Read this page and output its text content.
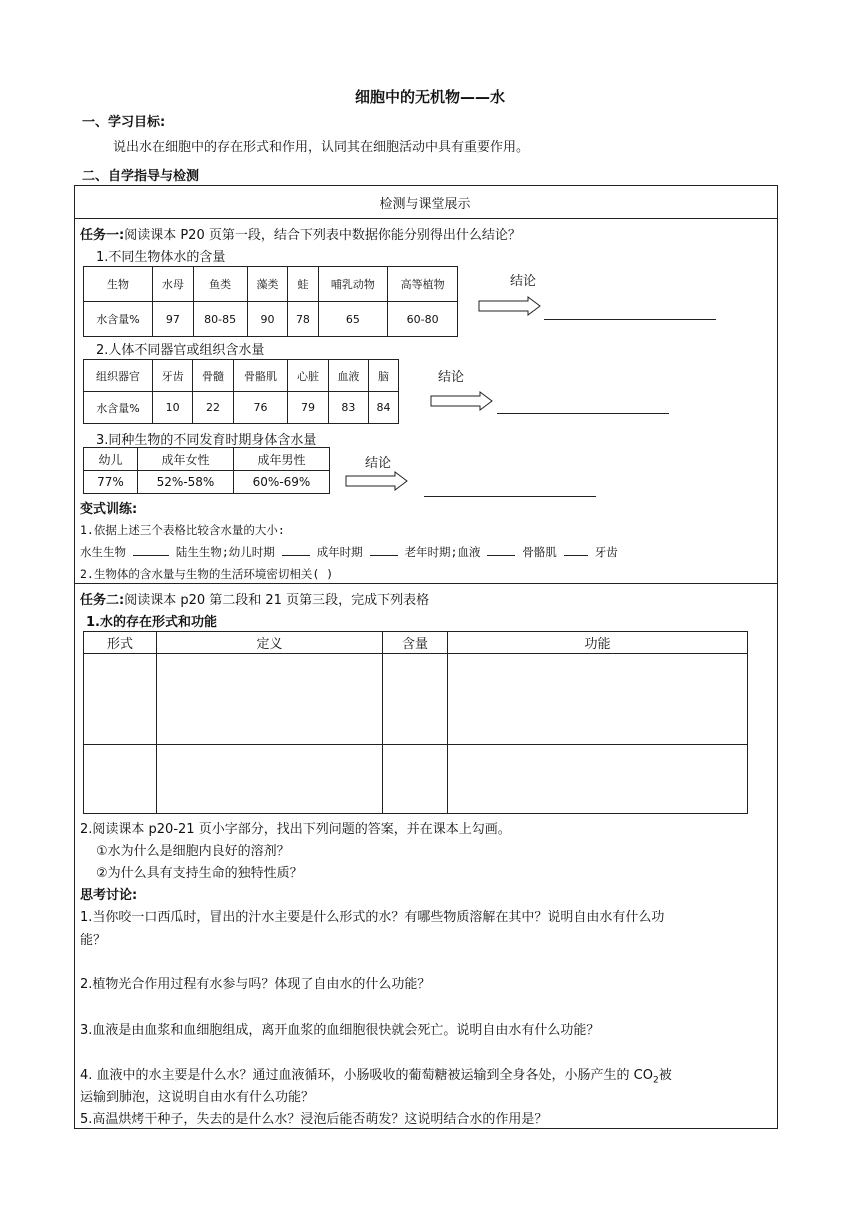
细胞中的无机物——水
一、学习目标:
说出水在细胞中的存在形式和作用，认同其在细胞活动中具有重要作用。
二、自学指导与检测
检测与课堂展示
任务一:阅读课本 P20 页第一段，结合下列表中数据你能分别得出什么结论？
1.不同生物体水的含量
生物	水母	鱼类	藻类	蛙	哺乳动物	高等植物
水含量%	97	80-85	90	78	65	60-80
结论
2.人体不同器官或组织含水量
组织器官	牙齿	骨髓	骨骼肌	心脏	血液	脑
水含量%	10	22	76	79	83	84
结论
3.同种生物的不同发育时期身体含水量
幼儿	成年女性	成年男性
77%	52%-58%	60%-69%
结论
变式训练:
1.依据上述三个表格比较含水量的大小:
水生生物	陆生生物;幼儿时期	成年时期	老年时期;血液	骨骼肌	牙齿
2.生物体的含水量与生物的生活环境密切相关( )
任务二:阅读课本 p20 第二段和 21 页第三段，完成下列表格
1.水的存在形式和功能
形式	定义	含量	功能

2.阅读课本 p20-21 页小字部分，找出下列问题的答案，并在课本上勾画。
①水为什么是细胞内良好的溶剂？
②为什么具有支持生命的独特性质？
思考讨论:
1.当你咬一口西瓜时，冒出的汁水主要是什么形式的水？有哪些物质溶解在其中？说明自由水有什么功
能？
2.植物光合作用过程有水参与吗？体现了自由水的什么功能？
3.血液是由血浆和血细胞组成，离开血浆的血细胞很快就会死亡。说明自由水有什么功能？
4. 血液中的水主要是什么水？通过血液循环，小肠吸收的葡萄糖被运输到全身各处，小肠产生的 $CO_2$被
运输到肺泡，这说明自由水有什么功能？
5.高温烘烤干种子，失去的是什么水？浸泡后能否萌发？这说明结合水的作用是？
